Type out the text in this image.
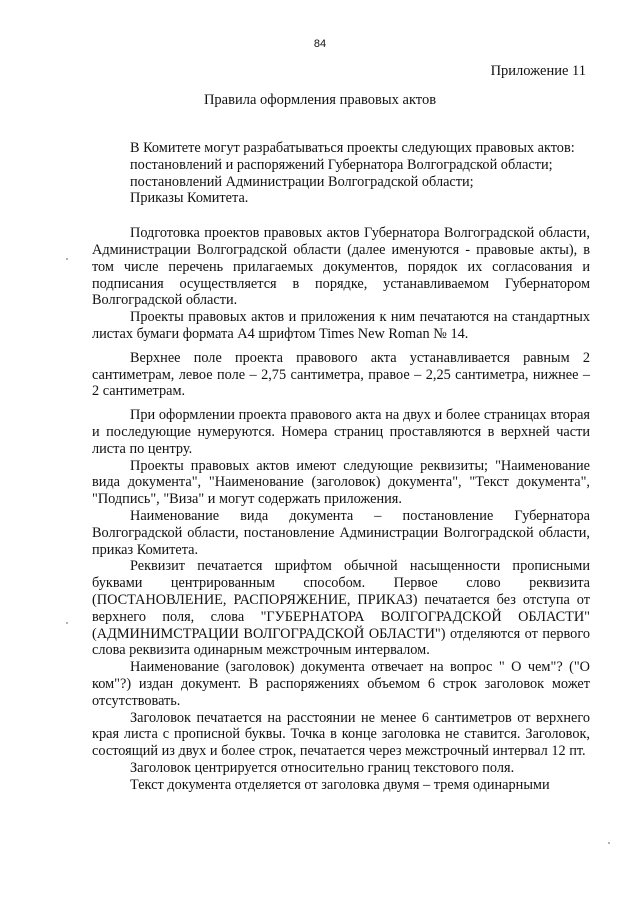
84
Приложение 11
Правила оформления правовых актов

В Комитете могут разрабатываться проекты следующих правовых актов:

постановлений и распоряжений Губернатора Волгоградской области;

постановлений Администрации Волгоградской области;

Приказы Комитета.

Подготовка проектов правовых актов Губернатора Волгоградской области, Администрации Волгоградской области (далее именуются - правовые акты), в том числе перечень прилагаемых документов, порядок их согласования и подписания осуществляется в порядке, устанавливаемом Губернатором Волгоградской области.

Проекты правовых актов и приложения к ним печатаются на стандартных листах бумаги формата А4 шрифтом Times New Roman № 14.

Верхнее поле проекта правового акта устанавливается равным 2 сантиметрам, левое поле – 2,75 сантиметра, правое – 2,25 сантиметра, нижнее – 2 сантиметрам.

При оформлении проекта правового акта на двух и более страницах вторая и последующие нумеруются. Номера страниц проставляются в верхней части листа по центру.

Проекты правовых актов имеют следующие реквизиты; "Наименование вида документа", "Наименование (заголовок) документа", "Текст документа", "Подпись", "Виза" и могут содержать приложения.

Наименование вида документа – постановление Губернатора Волгоградской области, постановление Администрации Волгоградской области, приказ Комитета.

Реквизит печатается шрифтом обычной насыщенности прописными буквами центрированным способом. Первое слово реквизита (ПОСТАНОВЛЕНИЕ, РАСПОРЯЖЕНИЕ, ПРИКАЗ) печатается без отступа от верхнего поля, слова "ГУБЕРНАТОРА ВОЛГОГРАДСКОЙ ОБЛАСТИ" (АДМИНИМСТРАЦИИ ВОЛГОГРАДСКОЙ ОБЛАСТИ") отделяются от первого слова реквизита одинарным межстрочным интервалом.

Наименование (заголовок) документа отвечает на вопрос " О чем"? ("О ком"?) издан документ. В распоряжениях объемом 6 строк заголовок может отсутствовать.

Заголовок печатается на расстоянии не менее 6 сантиметров от верхнего края листа с прописной буквы. Точка в конце заголовка не ставится. Заголовок, состоящий из двух и более строк, печатается через межстрочный интервал 12 пт.

Заголовок центрируется относительно границ текстового поля.

Текст документа отделяется от заголовка двумя – тремя одинарными
